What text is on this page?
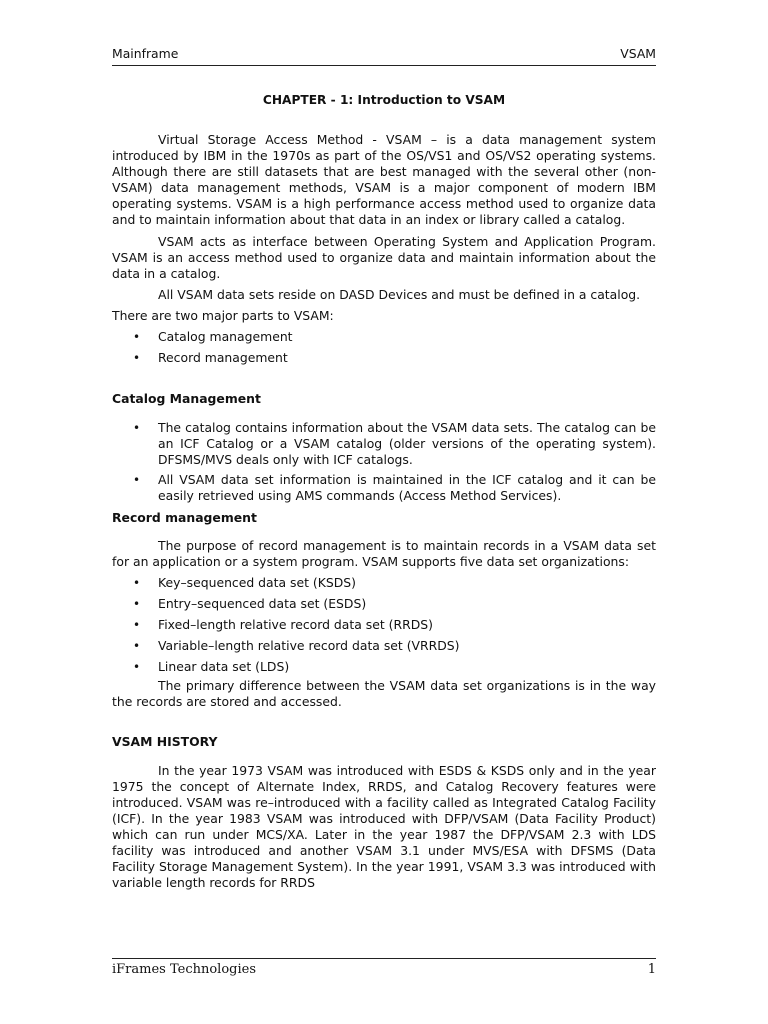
Mainframe	VSAM
CHAPTER - 1: Introduction to VSAM

Virtual Storage Access Method - VSAM – is a data management system introduced by IBM in the 1970s as part of the OS/VS1 and OS/VS2 operating systems. Although there are still datasets that are best managed with the several other (non-VSAM) data management methods, VSAM is a major component of modern IBM operating systems. VSAM is a high performance access method used to organize data and to maintain information about that data in an index or library called a catalog.

VSAM acts as interface between Operating System and Application Program. VSAM is an access method used to organize data and maintain information about the data in a catalog.

All VSAM data sets reside on DASD Devices and must be defined in a catalog.

There are two major parts to VSAM:

• Catalog management
• Record management
Catalog Management
• The catalog contains information about the VSAM data sets. The catalog can be an ICF Catalog or a VSAM catalog (older versions of the operating system). DFSMS/MVS deals only with ICF catalogs.
• All VSAM data set information is maintained in the ICF catalog and it can be easily retrieved using AMS commands (Access Method Services).
Record management

The purpose of record management is to maintain records in a VSAM data set for an application or a system program. VSAM supports five data set organizations:

• Key–sequenced data set (KSDS)
• Entry–sequenced data set (ESDS)
• Fixed–length relative record data set (RRDS)
• Variable–length relative record data set (VRRDS)
• Linear data set (LDS)

The primary difference between the VSAM data set organizations is in the way the records are stored and accessed.

VSAM HISTORY

In the year 1973 VSAM was introduced with ESDS & KSDS only and in the year 1975 the concept of Alternate Index, RRDS, and Catalog Recovery features were introduced. VSAM was re–introduced with a facility called as Integrated Catalog Facility (ICF). In the year 1983 VSAM was introduced with DFP/VSAM (Data Facility Product) which can run under MCS/XA. Later in the year 1987 the DFP/VSAM 2.3 with LDS facility was introduced and another VSAM 3.1 under MVS/ESA with DFSMS (Data Facility Storage Management System). In the year 1991, VSAM 3.3 was introduced with variable length records for RRDS

iFrames Technologies	1
